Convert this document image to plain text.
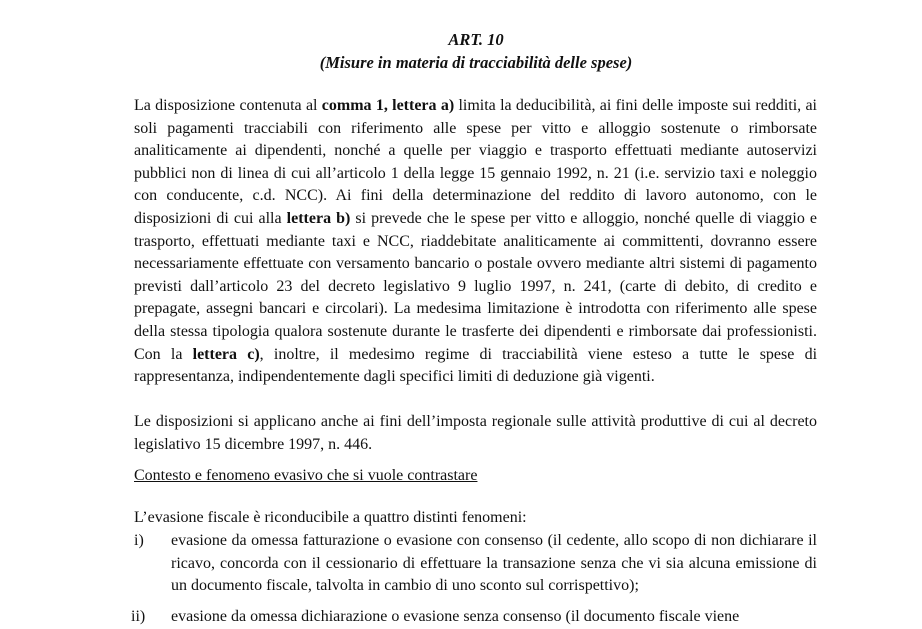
ART. 10
(Misure in materia di tracciabilità delle spese)

La disposizione contenuta al comma 1, lettera a) limita la deducibilità, ai fini delle imposte sui redditi, ai soli pagamenti tracciabili con riferimento alle spese per vitto e alloggio sostenute o rimborsate analiticamente ai dipendenti, nonché a quelle per viaggio e trasporto effettuati mediante autoservizi pubblici non di linea di cui all’articolo 1 della legge 15 gennaio 1992, n. 21 (i.e. servizio taxi e noleggio con conducente, c.d. NCC). Ai fini della determinazione del reddito di lavoro autonomo, con le disposizioni di cui alla lettera b) si prevede che le spese per vitto e alloggio, nonché quelle di viaggio e trasporto, effettuati mediante taxi e NCC, riaddebitate analiticamente ai committenti, dovranno essere necessariamente effettuate con versamento bancario o postale ovvero mediante altri sistemi di pagamento previsti dall’articolo 23 del decreto legislativo 9 luglio 1997, n. 241, (carte di debito, di credito e prepagate, assegni bancari e circolari). La medesima limitazione è introdotta con riferimento alle spese della stessa tipologia qualora sostenute durante le trasferte dei dipendenti e rimborsate dai professionisti. Con la lettera c), inoltre, il medesimo regime di tracciabilità viene esteso a tutte le spese di rappresentanza, indipendentemente dagli specifici limiti di deduzione già vigenti.

Le disposizioni si applicano anche ai fini dell’imposta regionale sulle attività produttive di cui al decreto legislativo 15 dicembre 1997, n. 446.

Contesto e fenomeno evasivo che si vuole contrastare
L’evasione fiscale è riconducibile a quattro distinti fenomeni:
i) evasione da omessa fatturazione o evasione con consenso (il cedente, allo scopo di non dichiarare il ricavo, concorda con il cessionario di effettuare la transazione senza che vi sia alcuna emissione di un documento fiscale, talvolta in cambio di uno sconto sul corrispettivo);
ii) evasione da omessa dichiarazione o evasione senza consenso (il documento fiscale viene
